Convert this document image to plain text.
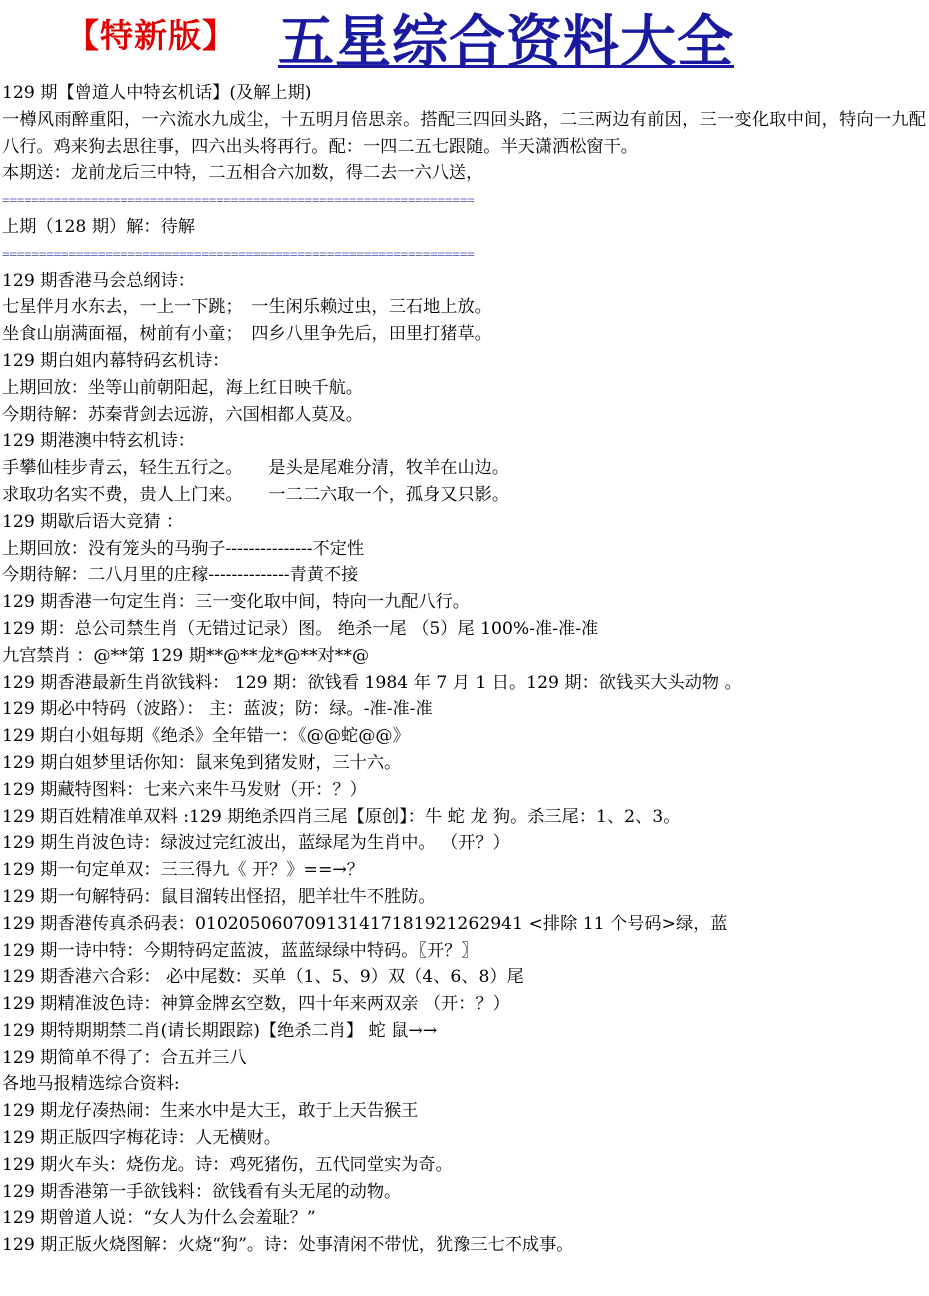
【特新版】 五星综合资料大全
129 期【曾道人中特玄机话】(及解上期)
一樽风雨醉重阳，一六流水九成尘，十五明月倍思亲。搭配三四回头路，二三两边有前因，三一变化取中间，特向一九配八行。鸡来狗去思往事，四六出头将再行。配：一四二五七跟随。半天潇洒松窗干。
本期送：龙前龙后三中特，二五相合六加数，得二去一六八送，
================================================================
上期（128 期）解：待解
================================================================
129 期香港马会总纲诗：
七星伴月水东去，一上一下跳；　一生闲乐赖过虫，三石地上放。
坐食山崩满面福，树前有小童；　四乡八里争先后，田里打猪草。
129 期白姐内幕特码玄机诗：
上期回放：坐等山前朝阳起，海上红日映千航。
今期待解：苏秦背剑去远游，六国相都人莫及。
129 期港澳中特玄机诗：
手攀仙桂步青云，轻生五行之。　　是头是尾难分清，牧羊在山边。
求取功名实不费，贵人上门来。　　一二二六取一个，孤身又只影。
129 期歇后语大竞猜 ：
上期回放：没有笼头的马驹子---------------不定性
今期待解：二八月里的庄稼--------------青黄不接
129 期香港一句定生肖：三一变化取中间，特向一九配八行。
129 期：总公司禁生肖（无错过记录）图。 绝杀一尾 （5）尾 100%-准-准-准
九宫禁肖 ：@**第 129 期**@**龙*@**对**@
129 期香港最新生肖欲钱料： 129 期：欲钱看 1984 年 7 月 1 日。129 期：欲钱买大头动物 。
129 期必中特码（波路）： 主：蓝波；防：绿。-准-准-准
129 期白小姐每期《绝杀》全年错一：《@@蛇@@》
129 期白姐梦里话你知：鼠来兔到猪发财，三十六。
129 期藏特图料：七来六来牛马发财（开：？）
129 期百姓精准单双料 :129 期绝杀四肖三尾【原创】：牛 蛇 龙 狗。杀三尾：1、2、3。
129 期生肖波色诗：绿波过完红波出，蓝绿尾为生肖中。 （开？）
129 期一句定单双：三三得九《 开？》==→？
129 期一句解特码：鼠目溜转出怪招，肥羊壮牛不胜防。
129 期香港传真杀码表：0102050607091314171819212629​41 <排除 11 个号码>绿，蓝
129 期一诗中特：今期特码定蓝波，蓝蓝绿绿中特码。〖开？〗
129 期香港六合彩： 必中尾数：买单（1、5、9）双（4、6、8）尾
129 期精准波色诗：神算金牌玄空数，四十年来两双亲 （开：？）
129 期特期期禁二肖(请长期跟踪)【绝杀二肖】 蛇 鼠→→
129 期简单不得了：合五并三八
各地马报精选综合资料:
129 期龙仔凑热闹：生来水中是大王，敢于上天告猴王
129 期正版四字梅花诗：人无横财。
129 期火车头：烧伤龙。诗：鸡死猪伤，五代同堂实为奇。
129 期香港第一手欲钱料：欲钱看有头无尾的动物。
129 期曾道人说：“女人为什么会羞耻？”
129 期正版火烧图解：火烧“狗”。诗：处事清闲不带忧，犹豫三七不成事。
